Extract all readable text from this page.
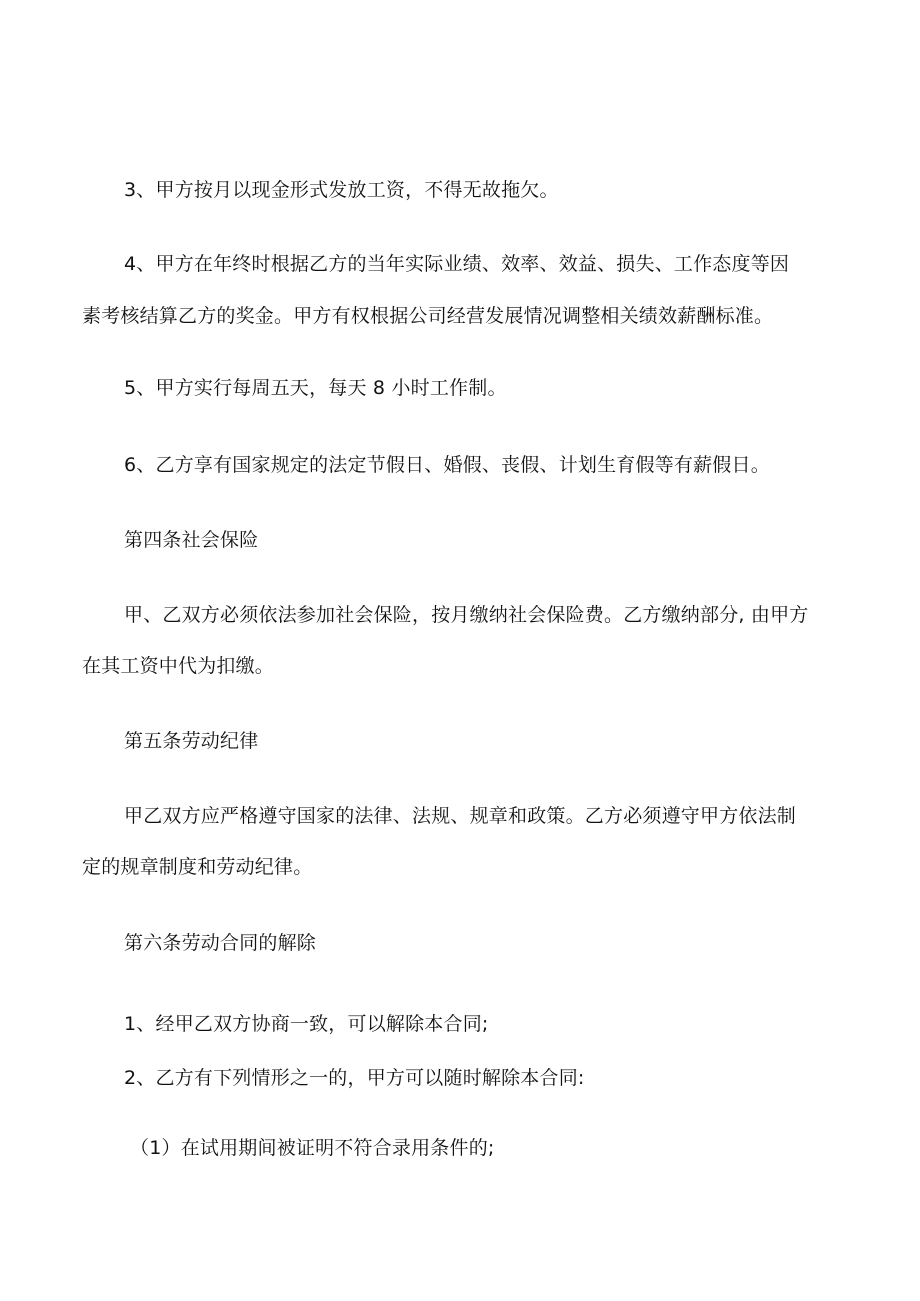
3、甲方按月以现金形式发放工资，不得无故拖欠。
4、甲方在年终时根据乙方的当年实际业绩、效率、效益、损失、工作态度等因
素考核结算乙方的奖金。甲方有权根据公司经营发展情况调整相关绩效薪酬标准。
5、甲方实行每周五天，每天 8 小时工作制。
6、乙方享有国家规定的法定节假日、婚假、丧假、计划生育假等有薪假日。
第四条社会保险
甲、乙双方必须依法参加社会保险，按月缴纳社会保险费。乙方缴纳部分, 由甲方
在其工资中代为扣缴。
第五条劳动纪律
甲乙双方应严格遵守国家的法律、法规、规章和政策。乙方必须遵守甲方依法制
定的规章制度和劳动纪律。
第六条劳动合同的解除
1、经甲乙双方协商一致，可以解除本合同;
2、乙方有下列情形之一的，甲方可以随时解除本合同:
（1）在试用期间被证明不符合录用条件的;
